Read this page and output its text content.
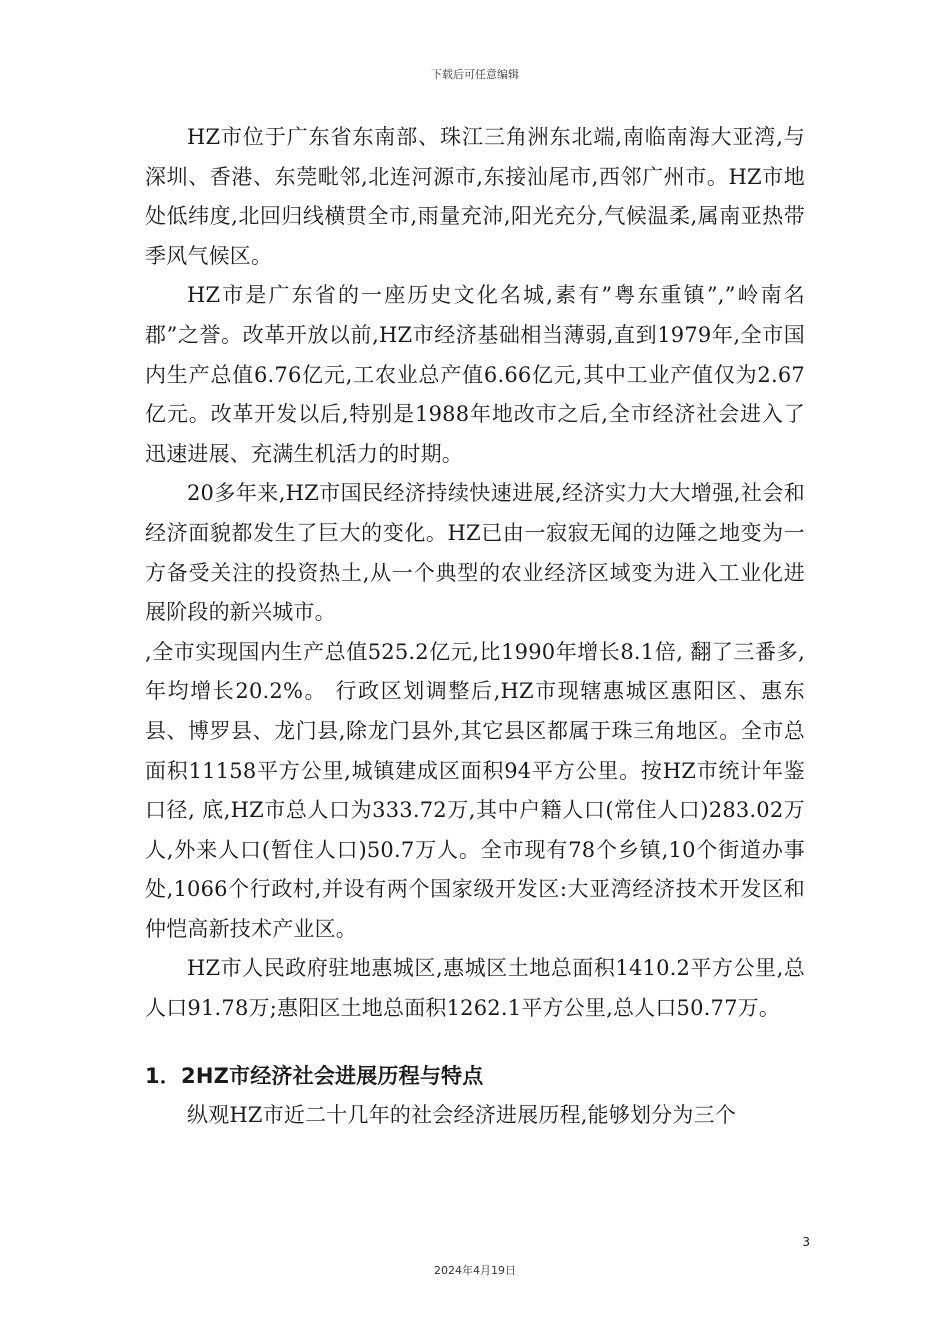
下载后可任意编辑

HZ市位于广东省东南部、珠江三角洲东北端,南临南海大亚湾,与深圳、香港、东莞毗邻,北连河源市,东接汕尾市,西邻广州市。HZ市地处低纬度,北回归线横贯全市,雨量充沛,阳光充分,气候温柔,属南亚热带季风气候区。

HZ市是广东省的一座历史文化名城,素有”粤东重镇”,”岭南名郡”之誉。改革开放以前,HZ市经济基础相当薄弱,直到1979年,全市国内生产总值6.76亿元,工农业总产值6.66亿元,其中工业产值仅为2.67亿元。改革开发以后,特别是1988年地改市之后,全市经济社会进入了迅速进展、充满生机活力的时期。

20多年来,HZ市国民经济持续快速进展,经济实力大大增强,社会和经济面貌都发生了巨大的变化。HZ已由一寂寂无闻的边陲之地变为一方备受关注的投资热土,从一个典型的农业经济区域变为进入工业化进展阶段的新兴城市。

,全市实现国内生产总值525.2亿元,比1990年增长8.1倍, 翻了三番多,年均增长20.2%。 行政区划调整后,HZ市现辖惠城区惠阳区、惠东县、博罗县、龙门县,除龙门县外,其它县区都属于珠三角地区。全市总面积11158平方公里,城镇建成区面积94平方公里。按HZ市统计年鉴口径, 底,HZ市总人口为333.72万,其中户籍人口(常住人口)283.02万人,外来人口(暂住人口)50.7万人。全市现有78个乡镇,10个街道办事处,1066个行政村,并设有两个国家级开发区:大亚湾经济技术开发区和仲恺高新技术产业区。

HZ市人民政府驻地惠城区,惠城区土地总面积1410.2平方公里,总人口91.78万;惠阳区土地总面积1262.1平方公里,总人口50.77万。

1．2HZ市经济社会进展历程与特点

纵观HZ市近二十几年的社会经济进展历程,能够划分为三个

3
2024年4月19日
